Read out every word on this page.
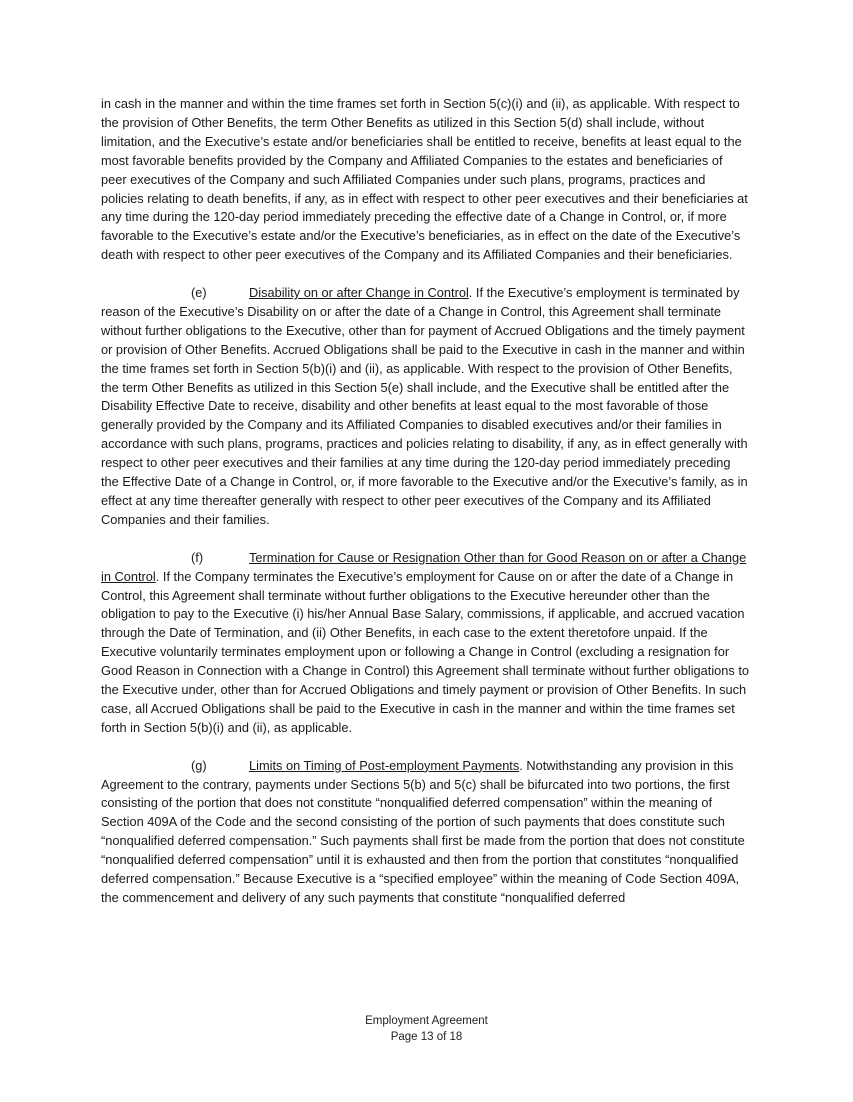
in cash in the manner and within the time frames set forth in Section 5(c)(i) and (ii), as applicable. With respect to the provision of Other Benefits, the term Other Benefits as utilized in this Section 5(d) shall include, without limitation, and the Executive’s estate and/or beneficiaries shall be entitled to receive, benefits at least equal to the most favorable benefits provided by the Company and Affiliated Companies to the estates and beneficiaries of peer executives of the Company and such Affiliated Companies under such plans, programs, practices and policies relating to death benefits, if any, as in effect with respect to other peer executives and their beneficiaries at any time during the 120-day period immediately preceding the effective date of a Change in Control, or, if more favorable to the Executive’s estate and/or the Executive’s beneficiaries, as in effect on the date of the Executive’s death with respect to other peer executives of the Company and its Affiliated Companies and their beneficiaries.

(e)	Disability on or after Change in Control. If the Executive’s employment is terminated by reason of the Executive’s Disability on or after the date of a Change in Control, this Agreement shall terminate without further obligations to the Executive, other than for payment of Accrued Obligations and the timely payment or provision of Other Benefits. Accrued Obligations shall be paid to the Executive in cash in the manner and within the time frames set forth in Section 5(b)(i) and (ii), as applicable. With respect to the provision of Other Benefits, the term Other Benefits as utilized in this Section 5(e) shall include, and the Executive shall be entitled after the Disability Effective Date to receive, disability and other benefits at least equal to the most favorable of those generally provided by the Company and its Affiliated Companies to disabled executives and/or their families in accordance with such plans, programs, practices and policies relating to disability, if any, as in effect generally with respect to other peer executives and their families at any time during the 120-day period immediately preceding the Effective Date of a Change in Control, or, if more favorable to the Executive and/or the Executive’s family, as in effect at any time thereafter generally with respect to other peer executives of the Company and its Affiliated Companies and their families.

(f)	Termination for Cause or Resignation Other than for Good Reason on or after a Change in Control. If the Company terminates the Executive’s employment for Cause on or after the date of a Change in Control, this Agreement shall terminate without further obligations to the Executive hereunder other than the obligation to pay to the Executive (i) his/her Annual Base Salary, commissions, if applicable, and accrued vacation through the Date of Termination, and (ii) Other Benefits, in each case to the extent theretofore unpaid. If the Executive voluntarily terminates employment upon or following a Change in Control (excluding a resignation for Good Reason in Connection with a Change in Control) this Agreement shall terminate without further obligations to the Executive under, other than for Accrued Obligations and timely payment or provision of Other Benefits. In such case, all Accrued Obligations shall be paid to the Executive in cash in the manner and within the time frames set forth in Section 5(b)(i) and (ii), as applicable.

(g)	Limits on Timing of Post-employment Payments. Notwithstanding any provision in this Agreement to the contrary, payments under Sections 5(b) and 5(c) shall be bifurcated into two portions, the first consisting of the portion that does not constitute “nonqualified deferred compensation” within the meaning of Section 409A of the Code and the second consisting of the portion of such payments that does constitute such “nonqualified deferred compensation.” Such payments shall first be made from the portion that does not constitute “nonqualified deferred compensation” until it is exhausted and then from the portion that constitutes “nonqualified deferred compensation.” Because Executive is a “specified employee” within the meaning of Code Section 409A, the commencement and delivery of any such payments that constitute “nonqualified deferred

Employment Agreement
Page 13 of 18
